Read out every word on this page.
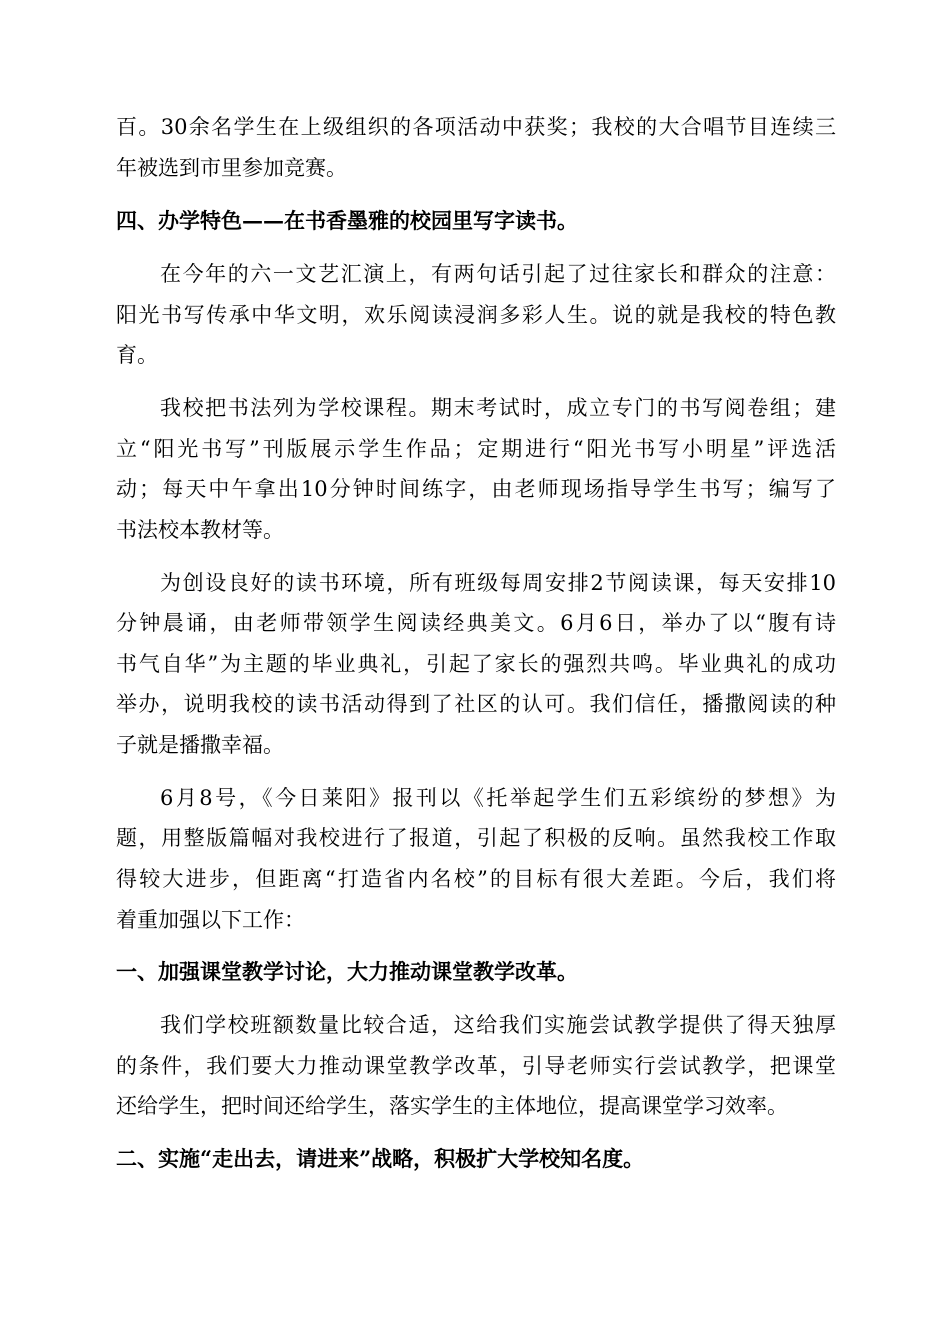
百。30余名学生在上级组织的各项活动中获奖；我校的大合唱节目连续三
年被选到市里参加竞赛。
四、办学特色——在书香墨雅的校园里写字读书。
在今年的六一文艺汇演上，有两句话引起了过往家长和群众的注意：
阳光书写传承中华文明，欢乐阅读浸润多彩人生。说的就是我校的特色教
育。
我校把书法列为学校课程。期末考试时，成立专门的书写阅卷组；建
立“阳光书写”刊版展示学生作品；定期进行“阳光书写小明星”评选活
动；每天中午拿出10分钟时间练字，由老师现场指导学生书写；编写了
书法校本教材等。
为创设良好的读书环境，所有班级每周安排2节阅读课，每天安排10
分钟晨诵，由老师带领学生阅读经典美文。6月6日，举办了以“腹有诗
书气自华”为主题的毕业典礼，引起了家长的强烈共鸣。毕业典礼的成功
举办，说明我校的读书活动得到了社区的认可。我们信任，播撒阅读的种
子就是播撒幸福。
6月8号，《今日莱阳》报刊以《托举起学生们五彩缤纷的梦想》为
题，用整版篇幅对我校进行了报道，引起了积极的反响。虽然我校工作取
得较大进步，但距离“打造省内名校”的目标有很大差距。今后，我们将
着重加强以下工作：
一、加强课堂教学讨论，大力推动课堂教学改革。
我们学校班额数量比较合适，这给我们实施尝试教学提供了得天独厚
的条件，我们要大力推动课堂教学改革，引导老师实行尝试教学，把课堂
还给学生，把时间还给学生，落实学生的主体地位，提高课堂学习效率。
二、实施“走出去，请进来”战略，积极扩大学校知名度。
